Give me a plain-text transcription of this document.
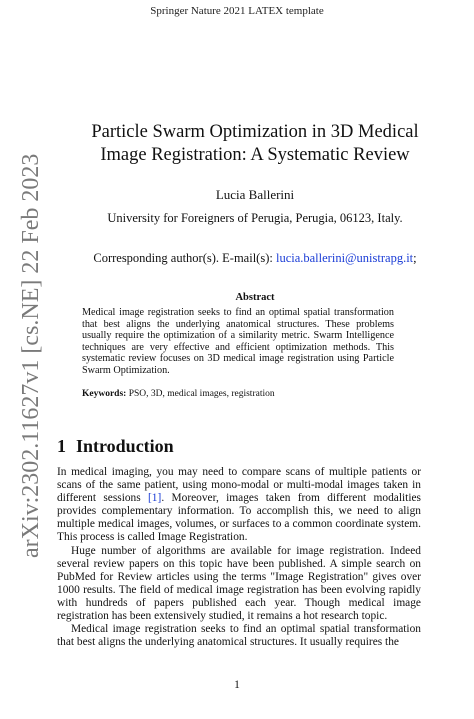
Springer Nature 2021 LATEX template
arXiv:2302.11627v1 [cs.NE] 22 Feb 2023
Particle Swarm Optimization in 3D Medical
Image Registration: A Systematic Review
Lucia Ballerini
University for Foreigners of Perugia, Perugia, 06123, Italy.
Corresponding author(s). E-mail(s): lucia.ballerini@unistrapg.it;
Abstract
Medical image registration seeks to find an optimal spatial transformation that best aligns the underlying anatomical structures. These problems usually require the optimization of a similarity metric. Swarm Intelligence techniques are very effective and efficient optimization methods. This systematic review focuses on 3D medical image registration using Particle Swarm Optimization.
Keywords: PSO, 3D, medical images, registration
1 Introduction

In medical imaging, you may need to compare scans of multiple patients or scans of the same patient, using mono-modal or multi-modal images taken in different sessions [1]. Moreover, images taken from different modalities provides complementary information. To accomplish this, we need to align multiple medical images, volumes, or surfaces to a common coordinate system. This process is called Image Registration.

Huge number of algorithms are available for image registration. Indeed several review papers on this topic have been published. A simple search on PubMed for Review articles using the terms "Image Registration" gives over 1000 results. The field of medical image registration has been evolving rapidly with hundreds of papers published each year. Though medical image registration has been extensively studied, it remains a hot research topic.

Medical image registration seeks to find an optimal spatial transformation that best aligns the underlying anatomical structures. It usually requires the

1
